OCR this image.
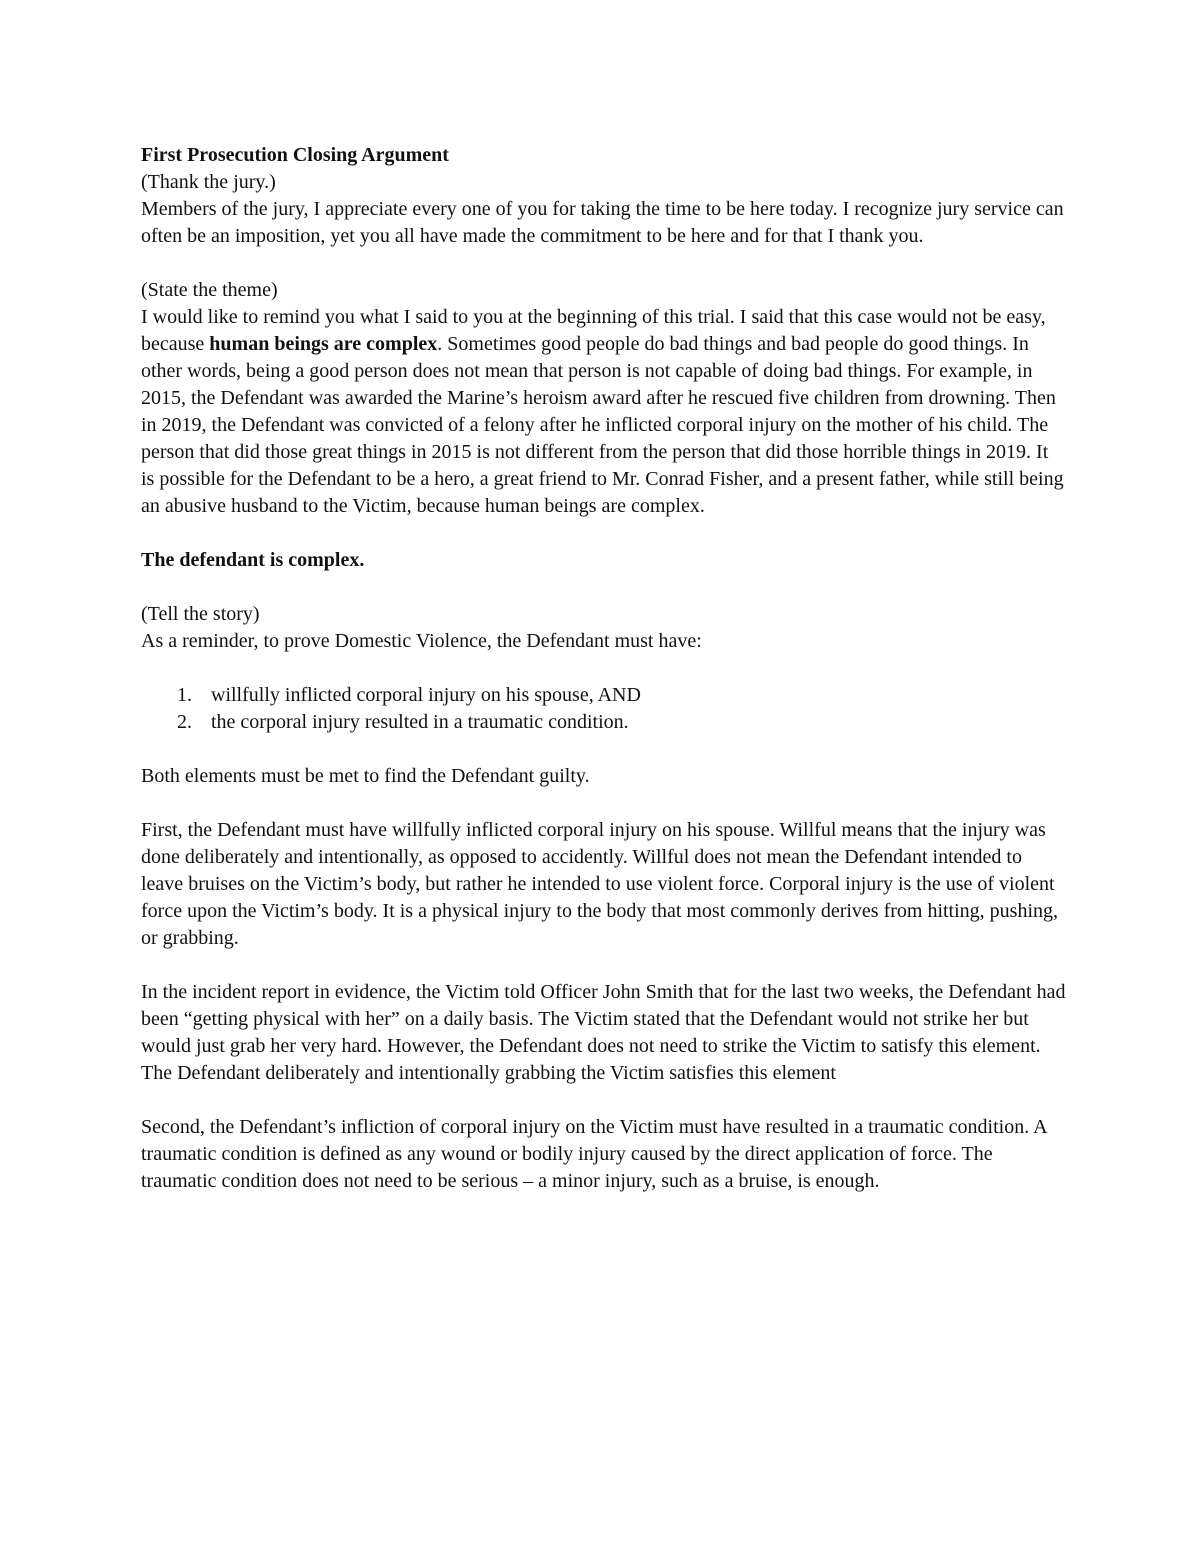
First Prosecution Closing Argument

(Thank the jury.)

Members of the jury, I appreciate every one of you for taking the time to be here today. I recognize jury service can often be an imposition, yet you all have made the commitment to be here and for that I thank you.

(State the theme)

I would like to remind you what I said to you at the beginning of this trial. I said that this case would not be easy, because human beings are complex. Sometimes good people do bad things and bad people do good things. In other words, being a good person does not mean that person is not capable of doing bad things. For example, in 2015, the Defendant was awarded the Marine’s heroism award after he rescued five children from drowning. Then in 2019, the Defendant was convicted of a felony after he inflicted corporal injury on the mother of his child. The person that did those great things in 2015 is not different from the person that did those horrible things in 2019. It is possible for the Defendant to be a hero, a great friend to Mr. Conrad Fisher, and a present father, while still being an abusive husband to the Victim, because human beings are complex.

The defendant is complex.

(Tell the story)

As a reminder, to prove Domestic Violence, the Defendant must have:

1. willfully inflicted corporal injury on his spouse, AND
2. the corporal injury resulted in a traumatic condition.

Both elements must be met to find the Defendant guilty.

First, the Defendant must have willfully inflicted corporal injury on his spouse. Willful means that the injury was done deliberately and intentionally, as opposed to accidently. Willful does not mean the Defendant intended to leave bruises on the Victim’s body, but rather he intended to use violent force. Corporal injury is the use of violent force upon the Victim’s body. It is a physical injury to the body that most commonly derives from hitting, pushing, or grabbing.

In the incident report in evidence, the Victim told Officer John Smith that for the last two weeks, the Defendant had been “getting physical with her” on a daily basis. The Victim stated that the Defendant would not strike her but would just grab her very hard. However, the Defendant does not need to strike the Victim to satisfy this element. The Defendant deliberately and intentionally grabbing the Victim satisfies this element

Second, the Defendant’s infliction of corporal injury on the Victim must have resulted in a traumatic condition. A traumatic condition is defined as any wound or bodily injury caused by the direct application of force. The traumatic condition does not need to be serious – a minor injury, such as a bruise, is enough.
